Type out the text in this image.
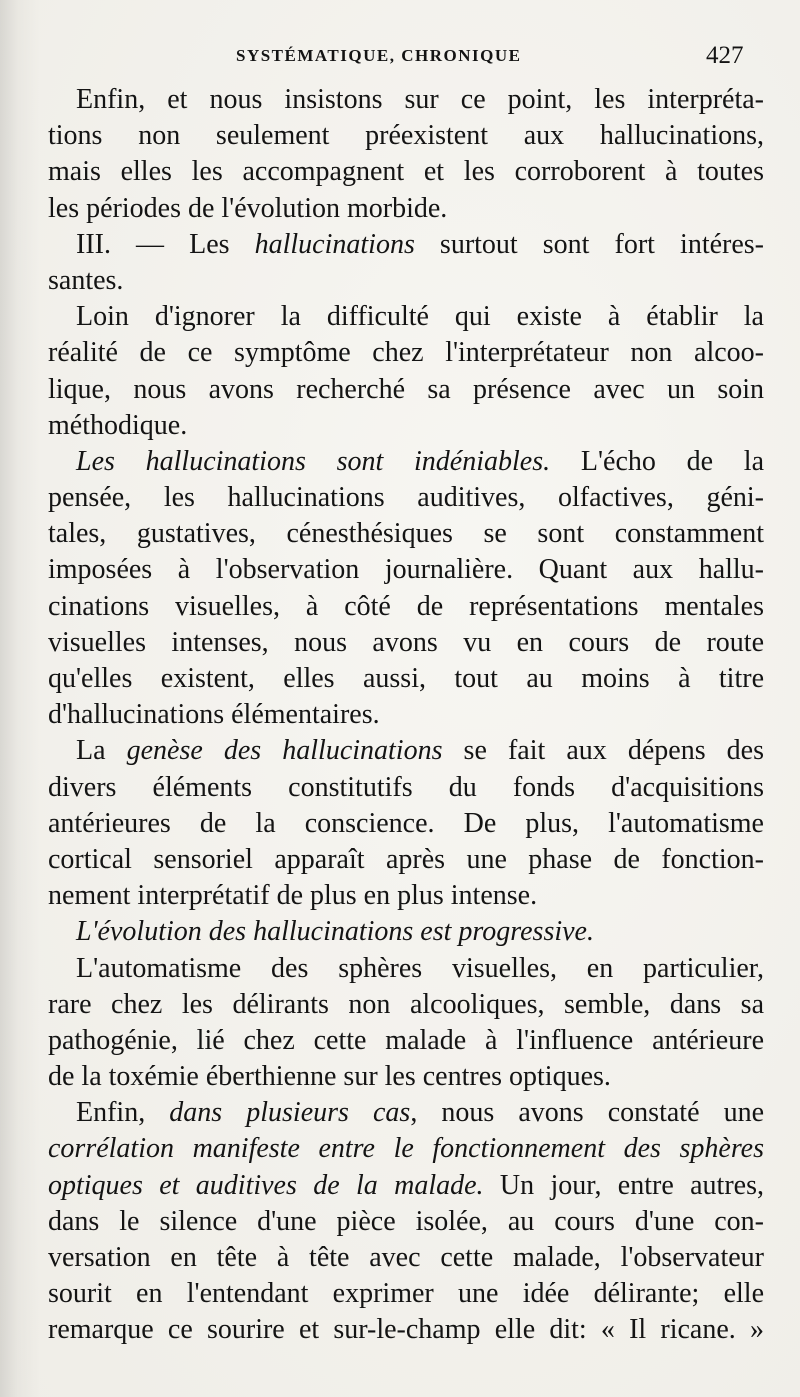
SYSTÉMATIQUE, CHRONIQUE	427
Enfin, et nous insistons sur ce point, les interpréta-
tions non seulement préexistent aux hallucinations,
mais elles les accompagnent et les corroborent à toutes
les périodes de l'évolution morbide.
III. — Les hallucinations surtout sont fort intéres-
santes.
Loin d'ignorer la difficulté qui existe à établir la
réalité de ce symptôme chez l'interprétateur non alcoo-
lique, nous avons recherché sa présence avec un soin
méthodique.
Les hallucinations sont indéniables. L'écho de la
pensée, les hallucinations auditives, olfactives, géni-
tales, gustatives, cénesthésiques se sont constamment
imposées à l'observation journalière. Quant aux hallu-
cinations visuelles, à côté de représentations mentales
visuelles intenses, nous avons vu en cours de route
qu'elles existent, elles aussi, tout au moins à titre
d'hallucinations élémentaires.
La genèse des hallucinations se fait aux dépens des
divers éléments constitutifs du fonds d'acquisitions
antérieures de la conscience. De plus, l'automatisme
cortical sensoriel apparaît après une phase de fonction-
nement interprétatif de plus en plus intense.
L'évolution des hallucinations est progressive.
L'automatisme des sphères visuelles, en particulier,
rare chez les délirants non alcooliques, semble, dans sa
pathogénie, lié chez cette malade à l'influence antérieure
de la toxémie éberthienne sur les centres optiques.
Enfin, dans plusieurs cas, nous avons constaté une
corrélation manifeste entre le fonctionnement des sphères
optiques et auditives de la malade. Un jour, entre autres,
dans le silence d'une pièce isolée, au cours d'une con-
versation en tête à tête avec cette malade, l'observateur
sourit en l'entendant exprimer une idée délirante; elle
remarque ce sourire et sur-le-champ elle dit: « Il ricane. »
